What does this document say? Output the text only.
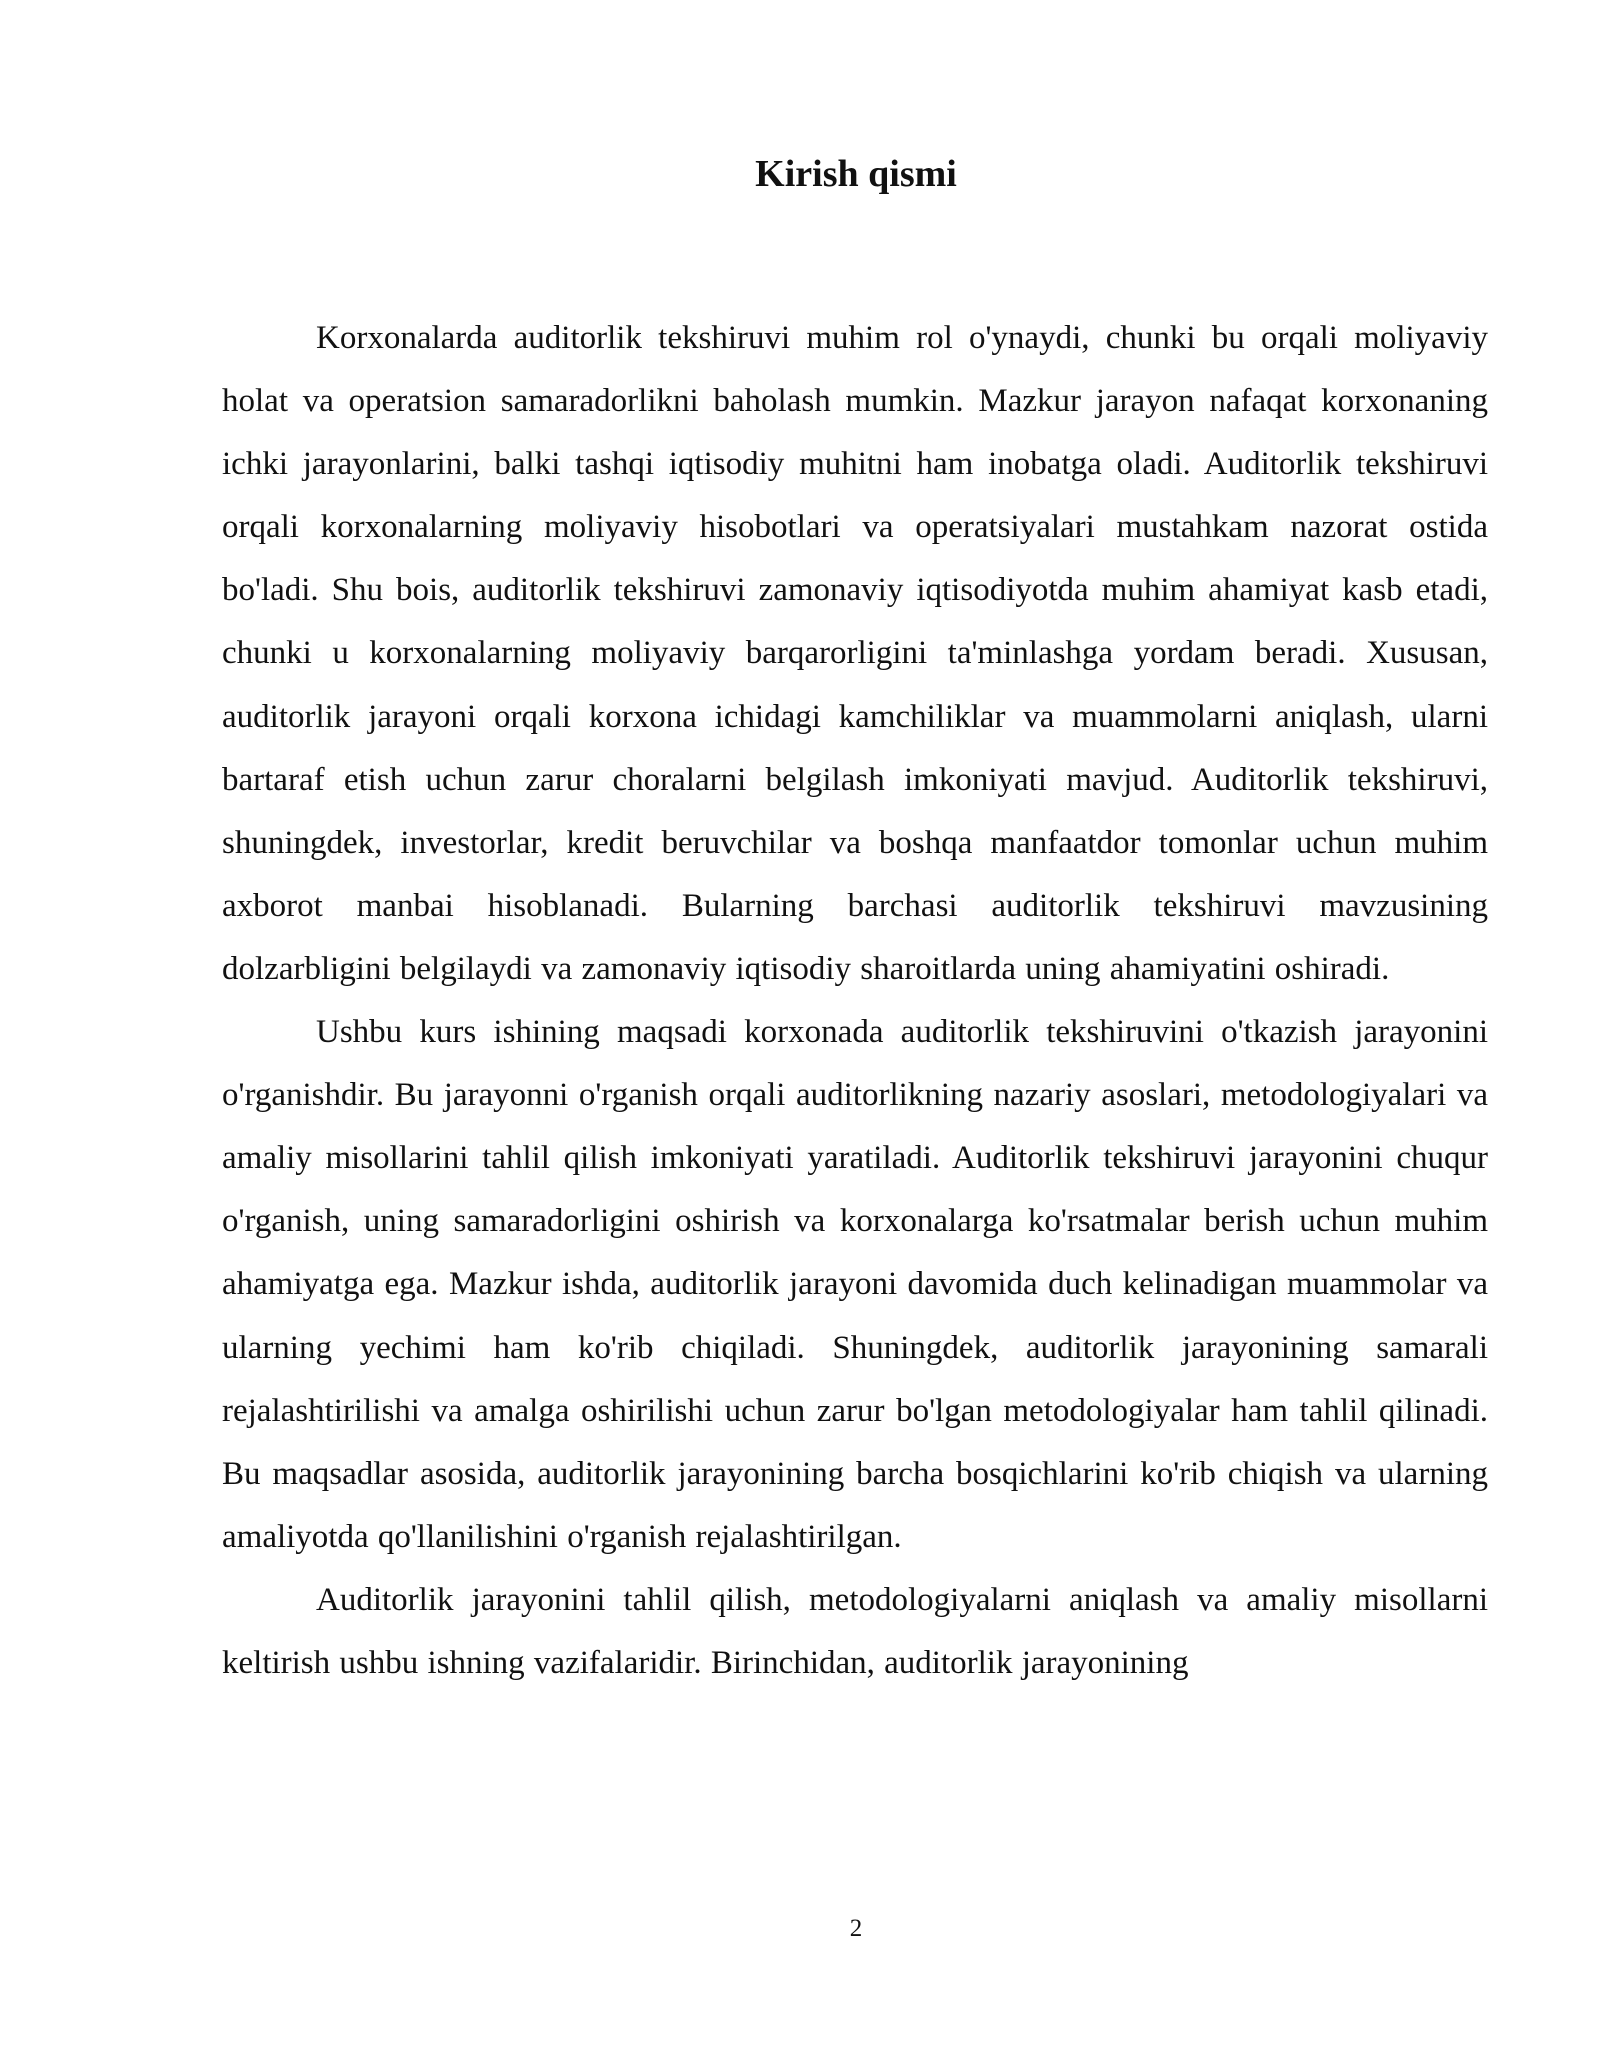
Kirish qismi

Korxonalarda auditorlik tekshiruvi muhim rol o'ynaydi, chunki bu orqali moliyaviy holat va operatsion samaradorlikni baholash mumkin. Mazkur jarayon nafaqat korxonaning ichki jarayonlarini, balki tashqi iqtisodiy muhitni ham inobatga oladi. Auditorlik tekshiruvi orqali korxonalarning moliyaviy hisobotlari va operatsiyalari mustahkam nazorat ostida bo'ladi. Shu bois, auditorlik tekshiruvi zamonaviy iqtisodiyotda muhim ahamiyat kasb etadi, chunki u korxonalarning moliyaviy barqarorligini ta'minlashga yordam beradi. Xususan, auditorlik jarayoni orqali korxona ichidagi kamchiliklar va muammolarni aniqlash, ularni bartaraf etish uchun zarur choralarni belgilash imkoniyati mavjud. Auditorlik tekshiruvi, shuningdek, investorlar, kredit beruvchilar va boshqa manfaatdor tomonlar uchun muhim axborot manbai hisoblanadi. Bularning barchasi auditorlik tekshiruvi mavzusining dolzarbligini belgilaydi va zamonaviy iqtisodiy sharoitlarda uning ahamiyatini oshiradi.

Ushbu kurs ishining maqsadi korxonada auditorlik tekshiruvini o'tkazish jarayonini o'rganishdir. Bu jarayonni o'rganish orqali auditorlikning nazariy asoslari, metodologiyalari va amaliy misollarini tahlil qilish imkoniyati yaratiladi. Auditorlik tekshiruvi jarayonini chuqur o'rganish, uning samaradorligini oshirish va korxonalarga ko'rsatmalar berish uchun muhim ahamiyatga ega. Mazkur ishda, auditorlik jarayoni davomida duch kelinadigan muammolar va ularning yechimi ham ko'rib chiqiladi. Shuningdek, auditorlik jarayonining samarali rejalashtirilishi va amalga oshirilishi uchun zarur bo'lgan metodologiyalar ham tahlil qilinadi. Bu maqsadlar asosida, auditorlik jarayonining barcha bosqichlarini ko'rib chiqish va ularning amaliyotda qo'llanilishini o'rganish rejalashtirilgan.

Auditorlik jarayonini tahlil qilish, metodologiyalarni aniqlash va amaliy misollarni keltirish ushbu ishning vazifalaridir. Birinchidan, auditorlik jarayonining

2
